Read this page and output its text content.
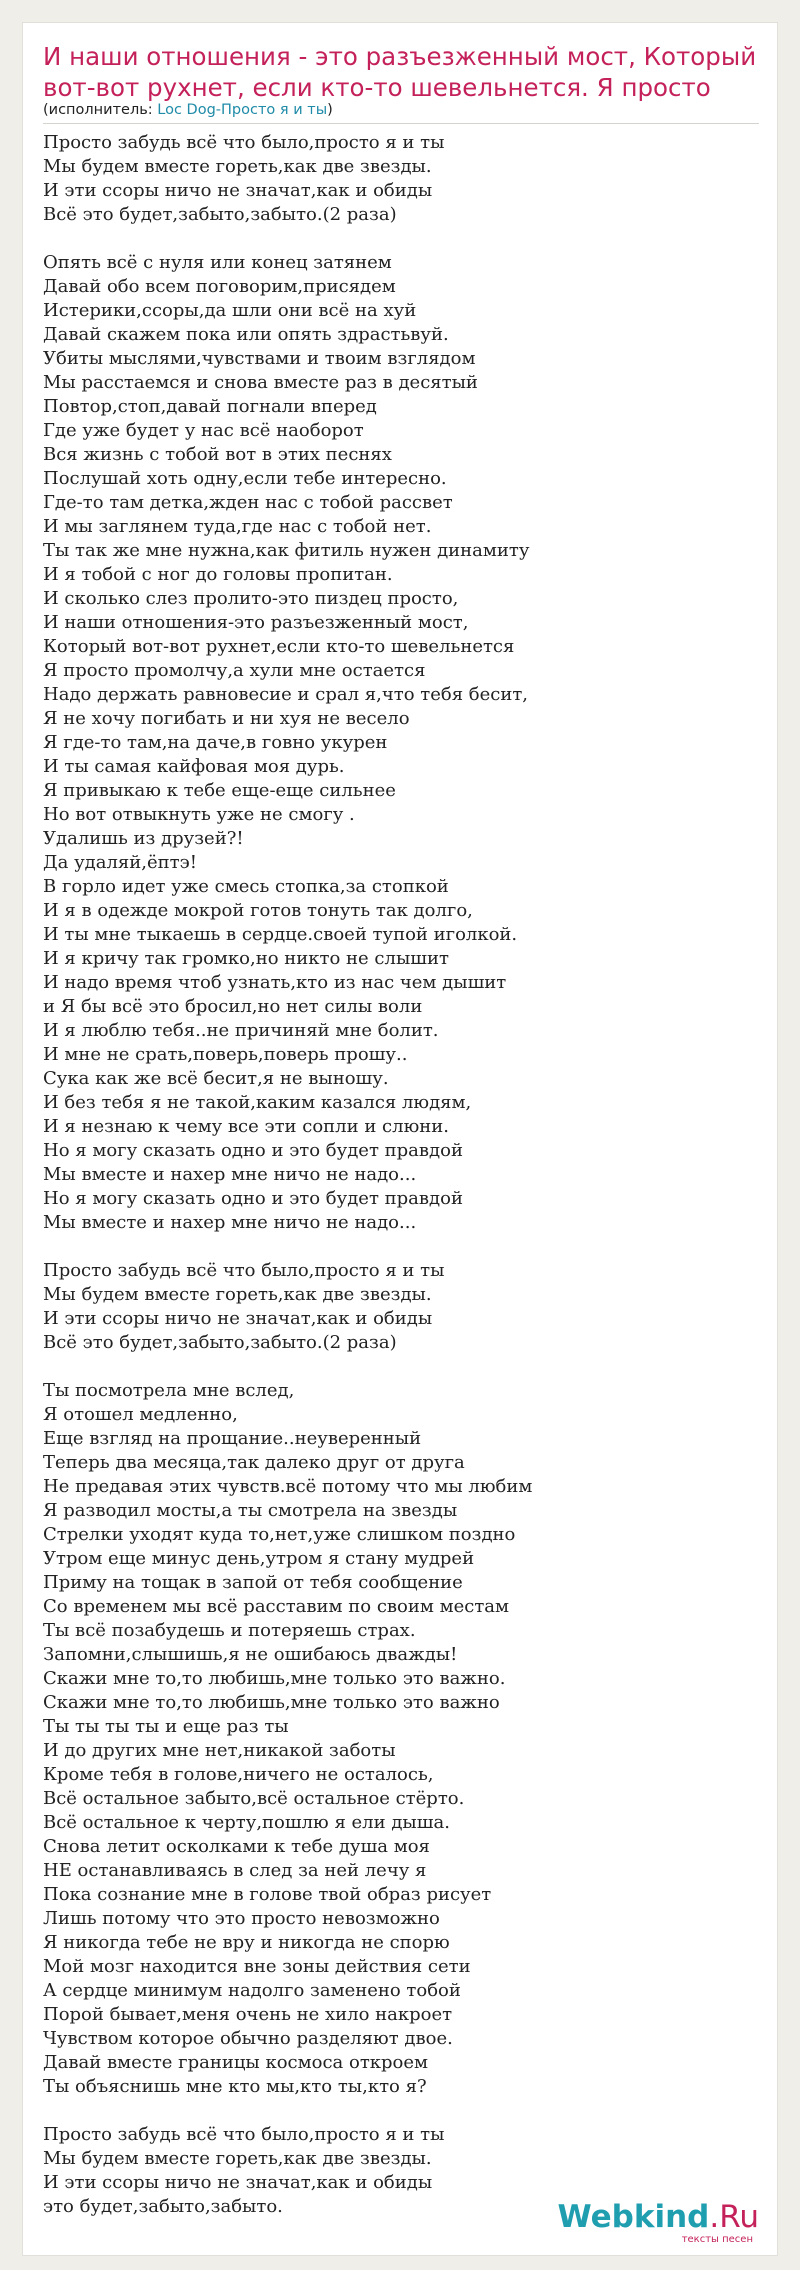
И наши отношения - это разъезженный мост, Который вот-вот рухнет, если кто-то шевельнется. Я просто
(исполнитель: Loc Dog-Просто я и ты)
Просто забудь всё что было,просто я и ты
Мы будем вместе гореть,как две звезды.
И эти ссоры ничо не значат,как и обиды
Всё это будет,забыто,забыто.(2 раза)
Опять всё с нуля или конец затянем
Давай обо всем поговорим,присядем
Истерики,ссоры,да шли они всё на хуй
Давай скажем пока или опять здрастьвуй.
Убиты мыслями,чувствами и твоим взглядом
Мы расстаемся и снова вместе раз в десятый
Повтор,стоп,давай погнали вперед
Где уже будет у нас всё наоборот
Вся жизнь с тобой вот в этих песнях
Послушай хоть одну,если тебе интересно.
Где-то там детка,жден нас с тобой рассвет
И мы заглянем туда,где нас с тобой нет.
Ты так же мне нужна,как фитиль нужен динамиту
И я тобой с ног до головы пропитан.
И сколько слез пролито-это пиздец просто,
И наши отношения-это разъезженный мост,
Который вот-вот рухнет,если кто-то шевельнется
Я просто промолчу,а хули мне остается
Надо держать равновесие и срал я,что тебя бесит,
Я не хочу погибать и ни хуя не весело
Я где-то там,на даче,в говно укурен
И ты самая кайфовая моя дурь.
Я привыкаю к тебе еще-еще сильнее
Но вот отвыкнуть уже не смогу .
Удалишь из друзей?!
Да удаляй,ёптэ!
В горло идет уже смесь стопка,за стопкой
И я в одежде мокрой готов тонуть так долго,
И ты мне тыкаешь в сердце.своей тупой иголкой.
И я кричу так громко,но никто не слышит
И надо время чтоб узнать,кто из нас чем дышит
и Я бы всё это бросил,но нет силы воли
И я люблю тебя..не причиняй мне болит.
И мне не срать,поверь,поверь прошу..
Сука как же всё бесит,я не выношу.
И без тебя я не такой,каким казался людям,
И я незнаю к чему все эти сопли и слюни.
Но я могу сказать одно и это будет правдой
Мы вместе и нахер мне ничо не надо...
Но я могу сказать одно и это будет правдой
Мы вместе и нахер мне ничо не надо...
Просто забудь всё что было,просто я и ты
Мы будем вместе гореть,как две звезды.
И эти ссоры ничо не значат,как и обиды
Всё это будет,забыто,забыто.(2 раза)
Ты посмотрела мне вслед,
Я отошел медленно,
Еще взгляд на прощание..неуверенный
Теперь два месяца,так далеко друг от друга
Не предавая этих чувств.всё потому что мы любим
Я разводил мосты,а ты смотрела на звезды
Стрелки уходят куда то,нет,уже слишком поздно
Утром еще минус день,утром я стану мудрей
Приму на тощак в запой от тебя сообщение
Со временем мы всё расставим по своим местам
Ты всё позабудешь и потеряешь страх.
Запомни,слышишь,я не ошибаюсь дважды!
Скажи мне то,то любишь,мне только это важно.
Скажи мне то,то любишь,мне только это важно
Ты ты ты ты и еще раз ты
И до других мне нет,никакой заботы
Кроме тебя в голове,ничего не осталось,
Всё остальное забыто,всё остальное стёрто.
Всё остальное к черту,пошлю я ели дыша.
Снова летит осколками к тебе душа моя
НЕ останавливаясь в след за ней лечу я
Пока сознание мне в голове твой образ рисует
Лишь потому что это просто невозможно
Я никогда тебе не вру и никогда не спорю
Мой мозг находится вне зоны действия сети
А сердце минимум надолго заменено тобой
Порой бывает,меня очень не хило накроет
Чувством которое обычно разделяют двое.
Давай вместе границы космоса откроем
Ты объяснишь мне кто мы,кто ты,кто я?
Просто забудь всё что было,просто я и ты
Мы будем вместе гореть,как две звезды.
И эти ссоры ничо не значат,как и обиды
это будет,забыто,забыто.	Webkind.Ru
тексты песен
